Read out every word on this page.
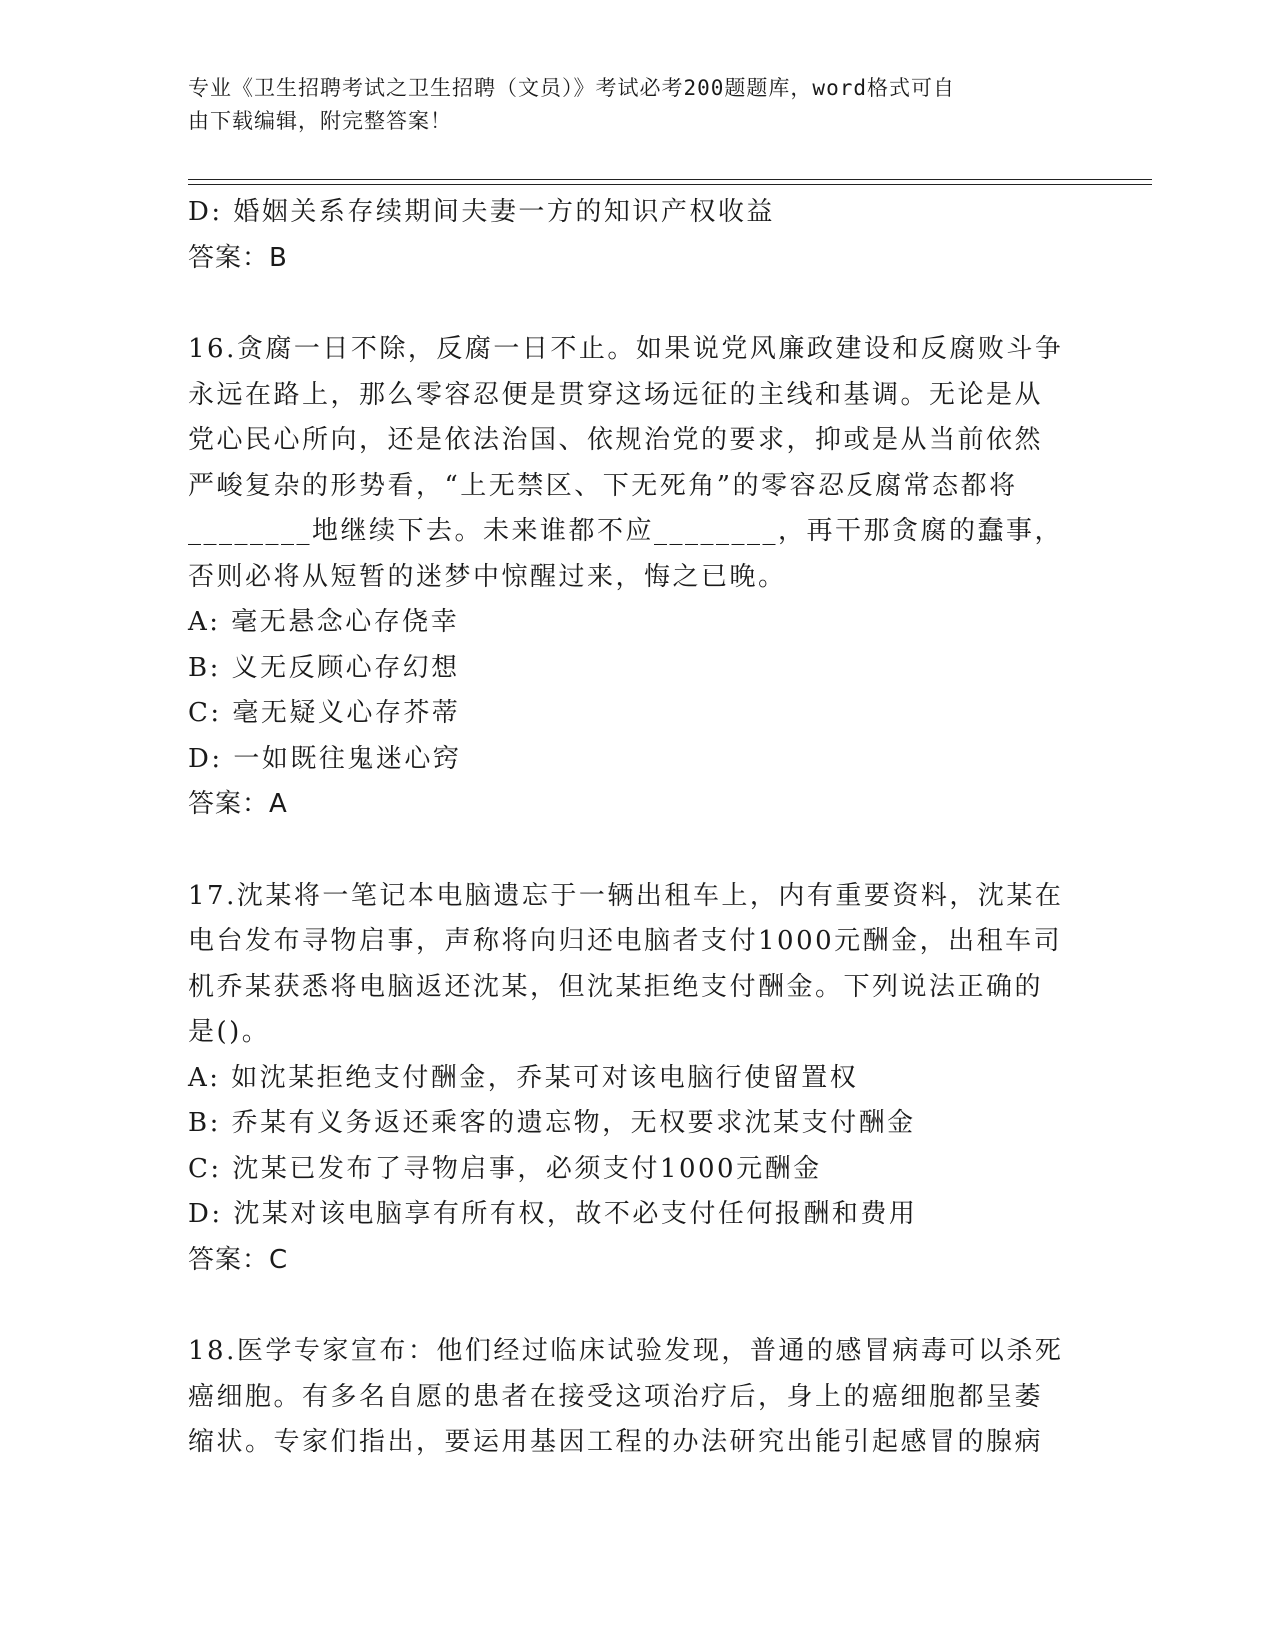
专业《卫生招聘考试之卫生招聘（文员）》考试必考200题题库，word格式可自
由下载编辑，附完整答案！
D: 婚姻关系存续期间夫妻一方的知识产权收益
答案：B
16.贪腐一日不除，反腐一日不止。如果说党风廉政建设和反腐败斗争
永远在路上，那么零容忍便是贯穿这场远征的主线和基调。无论是从
党心民心所向，还是依法治国、依规治党的要求，抑或是从当前依然
严峻复杂的形势看，“上无禁区、下无死角”的零容忍反腐常态都将
________地继续下去。未来谁都不应________，再干那贪腐的蠢事，
否则必将从短暂的迷梦中惊醒过来，悔之已晚。
A: 毫无悬念心存侥幸
B: 义无反顾心存幻想
C: 毫无疑义心存芥蒂
D: 一如既往鬼迷心窍
答案：A
17.沈某将一笔记本电脑遗忘于一辆出租车上，内有重要资料，沈某在
电台发布寻物启事，声称将向归还电脑者支付1000元酬金，出租车司
机乔某获悉将电脑返还沈某，但沈某拒绝支付酬金。下列说法正确的
是()。
A: 如沈某拒绝支付酬金，乔某可对该电脑行使留置权
B: 乔某有义务返还乘客的遗忘物，无权要求沈某支付酬金
C: 沈某已发布了寻物启事，必须支付1000元酬金
D: 沈某对该电脑享有所有权，故不必支付任何报酬和费用
答案：C
18.医学专家宣布：他们经过临床试验发现，普通的感冒病毒可以杀死
癌细胞。有多名自愿的患者在接受这项治疗后，身上的癌细胞都呈萎
缩状。专家们指出，要运用基因工程的办法研究出能引起感冒的腺病
